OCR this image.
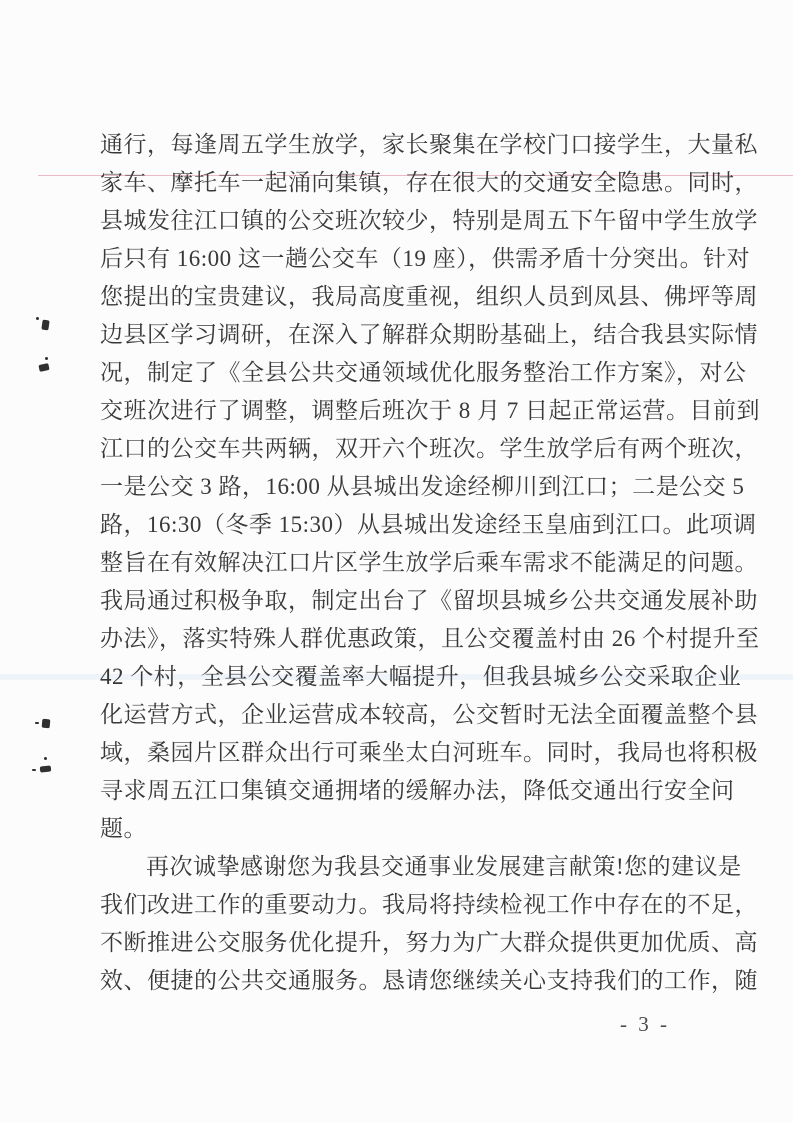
通行，每逢周五学生放学，家长聚集在学校门口接学生，大量私
家车、摩托车一起涌向集镇，存在很大的交通安全隐患。同时，
县城发往江口镇的公交班次较少，特别是周五下午留中学生放学
后只有 16:00 这一趟公交车（19 座），供需矛盾十分突出。针对
您提出的宝贵建议，我局高度重视，组织人员到凤县、佛坪等周
边县区学习调研，在深入了解群众期盼基础上，结合我县实际情
况，制定了《全县公共交通领域优化服务整治工作方案》，对公
交班次进行了调整，调整后班次于 8 月 7 日起正常运营。目前到
江口的公交车共两辆，双开六个班次。学生放学后有两个班次，
一是公交 3 路，16:00 从县城出发途经柳川到江口；二是公交 5
路，16:30（冬季 15:30）从县城出发途经玉皇庙到江口。此项调
整旨在有效解决江口片区学生放学后乘车需求不能满足的问题。
我局通过积极争取，制定出台了《留坝县城乡公共交通发展补助
办法》，落实特殊人群优惠政策，且公交覆盖村由 26 个村提升至
42 个村，全县公交覆盖率大幅提升，但我县城乡公交采取企业
化运营方式，企业运营成本较高，公交暂时无法全面覆盖整个县
域，桑园片区群众出行可乘坐太白河班车。同时，我局也将积极
寻求周五江口集镇交通拥堵的缓解办法，降低交通出行安全问
题。
再次诚挚感谢您为我县交通事业发展建言献策!您的建议是
我们改进工作的重要动力。我局将持续检视工作中存在的不足，
不断推进公交服务优化提升，努力为广大群众提供更加优质、高
效、便捷的公共交通服务。恳请您继续关心支持我们的工作，随
- 3 -
